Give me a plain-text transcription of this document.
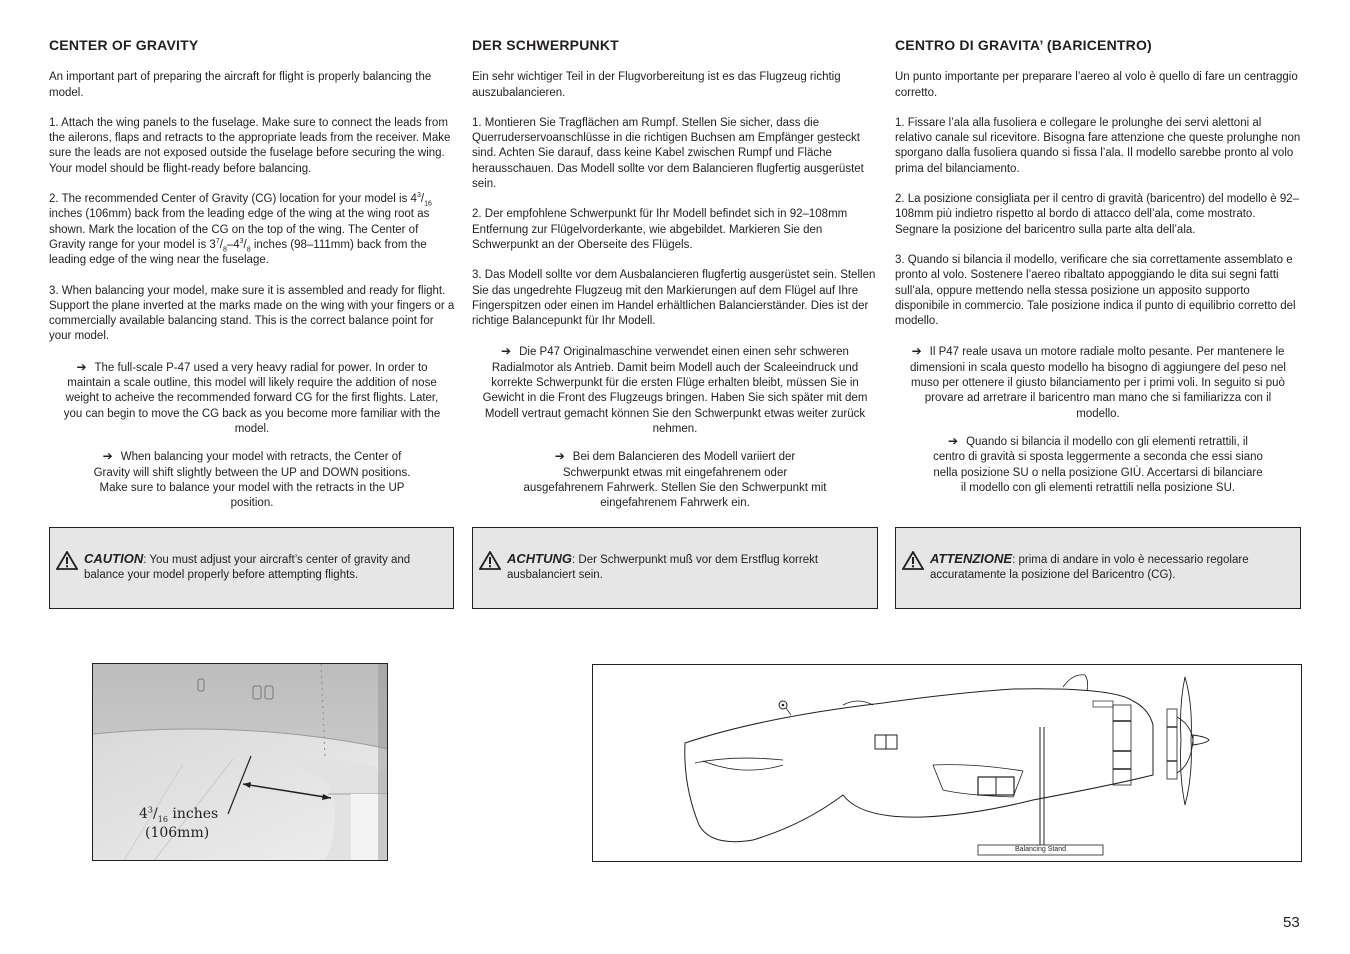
CENTER OF GRAVITY
An important part of preparing the aircraft for flight is properly balancing the model.
1. Attach the wing panels to the fuselage. Make sure to connect the leads from the ailerons, flaps and retracts to the appropriate leads from the receiver. Make sure the leads are not exposed outside the fuselage before securing the wing. Your model should be flight-ready before balancing.
2. The recommended Center of Gravity (CG) location for your model is $4^3/_{16}$ inches (106mm) back from the leading edge of the wing at the wing root as shown. Mark the location of the CG on the top of the wing. The Center of Gravity range for your model is $3^7/_8-4^3/_8$ inches (98–111mm) back from the leading edge of the wing near the fuselage.
3. When balancing your model, make sure it is assembled and ready for flight. Support the plane inverted at the marks made on the wing with your fingers or a commercially available balancing stand. This is the correct balance point for your model.
➔ The full-scale P-47 used a very heavy radial for power. In order to maintain a scale outline, this model will likely require the addition of nose weight to acheive the recommended forward CG for the first flights. Later, you can begin to move the CG back as you become more familiar with the model.
➔ When balancing your model with retracts, the Center of Gravity will shift slightly between the UP and DOWN positions. Make sure to balance your model with the retracts in the UP position.
DER SCHWERPUNKT
Ein sehr wichtiger Teil in der Flugvorbereitung ist es das Flugzeug richtig auszubalancieren.
1. Montieren Sie Tragflächen am Rumpf. Stellen Sie sicher, dass die Querruderservoanschlüsse in die richtigen Buchsen am Empfänger gesteckt sind. Achten Sie darauf, dass keine Kabel zwischen Rumpf und Fläche herausschauen. Das Modell sollte vor dem Balancieren flugfertig ausgerüstet sein.
2. Der empfohlene Schwerpunkt für Ihr Modell befindet sich in 92–108mm Entfernung zur Flügelvorderkante, wie abgebildet. Markieren Sie den Schwerpunkt an der Oberseite des Flügels.
3. Das Modell sollte vor dem Ausbalancieren flugfertig ausgerüstet sein. Stellen Sie das ungedrehte Flugzeug mit den Markierungen auf dem Flügel auf Ihre Fingerspitzen oder einen im Handel erhältlichen Balancierständer. Dies ist der richtige Balancepunkt für Ihr Modell.
➔ Die P47 Originalmaschine verwendet einen einen sehr schweren Radialmotor als Antrieb. Damit beim Modell auch der Scaleeindruck und korrekte Schwerpunkt für die ersten Flüge erhalten bleibt, müssen Sie in Gewicht in die Front des Flugzeugs bringen. Haben Sie sich später mit dem Modell vertraut gemacht können Sie den Schwerpunkt etwas weiter zurück nehmen.
➔ Bei dem Balancieren des Modell variiert der Schwerpunkt etwas mit eingefahrenem oder ausgefahrenem Fahrwerk. Stellen Sie den Schwerpunkt mit eingefahrenem Fahrwerk ein.
CENTRO DI GRAVITA’ (BARICENTRO)
Un punto importante per preparare l’aereo al volo è quello di fare un centraggio corretto.
1. Fissare l’ala alla fusoliera e collegare le prolunghe dei servi alettoni al relativo canale sul ricevitore. Bisogna fare attenzione che queste prolunghe non sporgano dalla fusoliera quando si fissa l’ala. Il modello sarebbe pronto al volo prima del bilanciamento.
2. La posizione consigliata per il centro di gravità (baricentro) del modello è 92–108mm più indietro rispetto al bordo di attacco dell’ala, come mostrato. Segnare la posizione del baricentro sulla parte alta dell’ala.
3. Quando si bilancia il modello, verificare che sia correttamente assemblato e pronto al volo. Sostenere l’aereo ribaltato appoggiando le dita sui segni fatti sull’ala, oppure mettendo nella stessa posizione un apposito supporto disponibile in commercio. Tale posizione indica il punto di equilibrio corretto del modello.
➔ Il P47 reale usava un motore radiale molto pesante. Per mantenere le dimensioni in scala questo modello ha bisogno di aggiungere del peso nel muso per ottenere il giusto bilanciamento per i primi voli. In seguito si può provare ad arretrare il baricentro man mano che si familiarizza con il modello.
➔ Quando si bilancia il modello con gli elementi retrattili, il centro di gravità si sposta leggermente a seconda che essi siano nella posizione SU o nella posizione GIÙ. Accertarsi di bilanciare il modello con gli elementi retrattili nella posizione SU.
CAUTION: You must adjust your aircraft’s center of gravity and balance your model properly before attempting flights.
ACHTUNG: Der Schwerpunkt muß vor dem Erstflug korrekt ausbalanciert sein.
ATTENZIONE: prima di andare in volo è necessario regolare accuratamente la posizione del Baricentro (CG).
$4^3/_{16}$ inches
(106mm)
Balancing Stand
53
